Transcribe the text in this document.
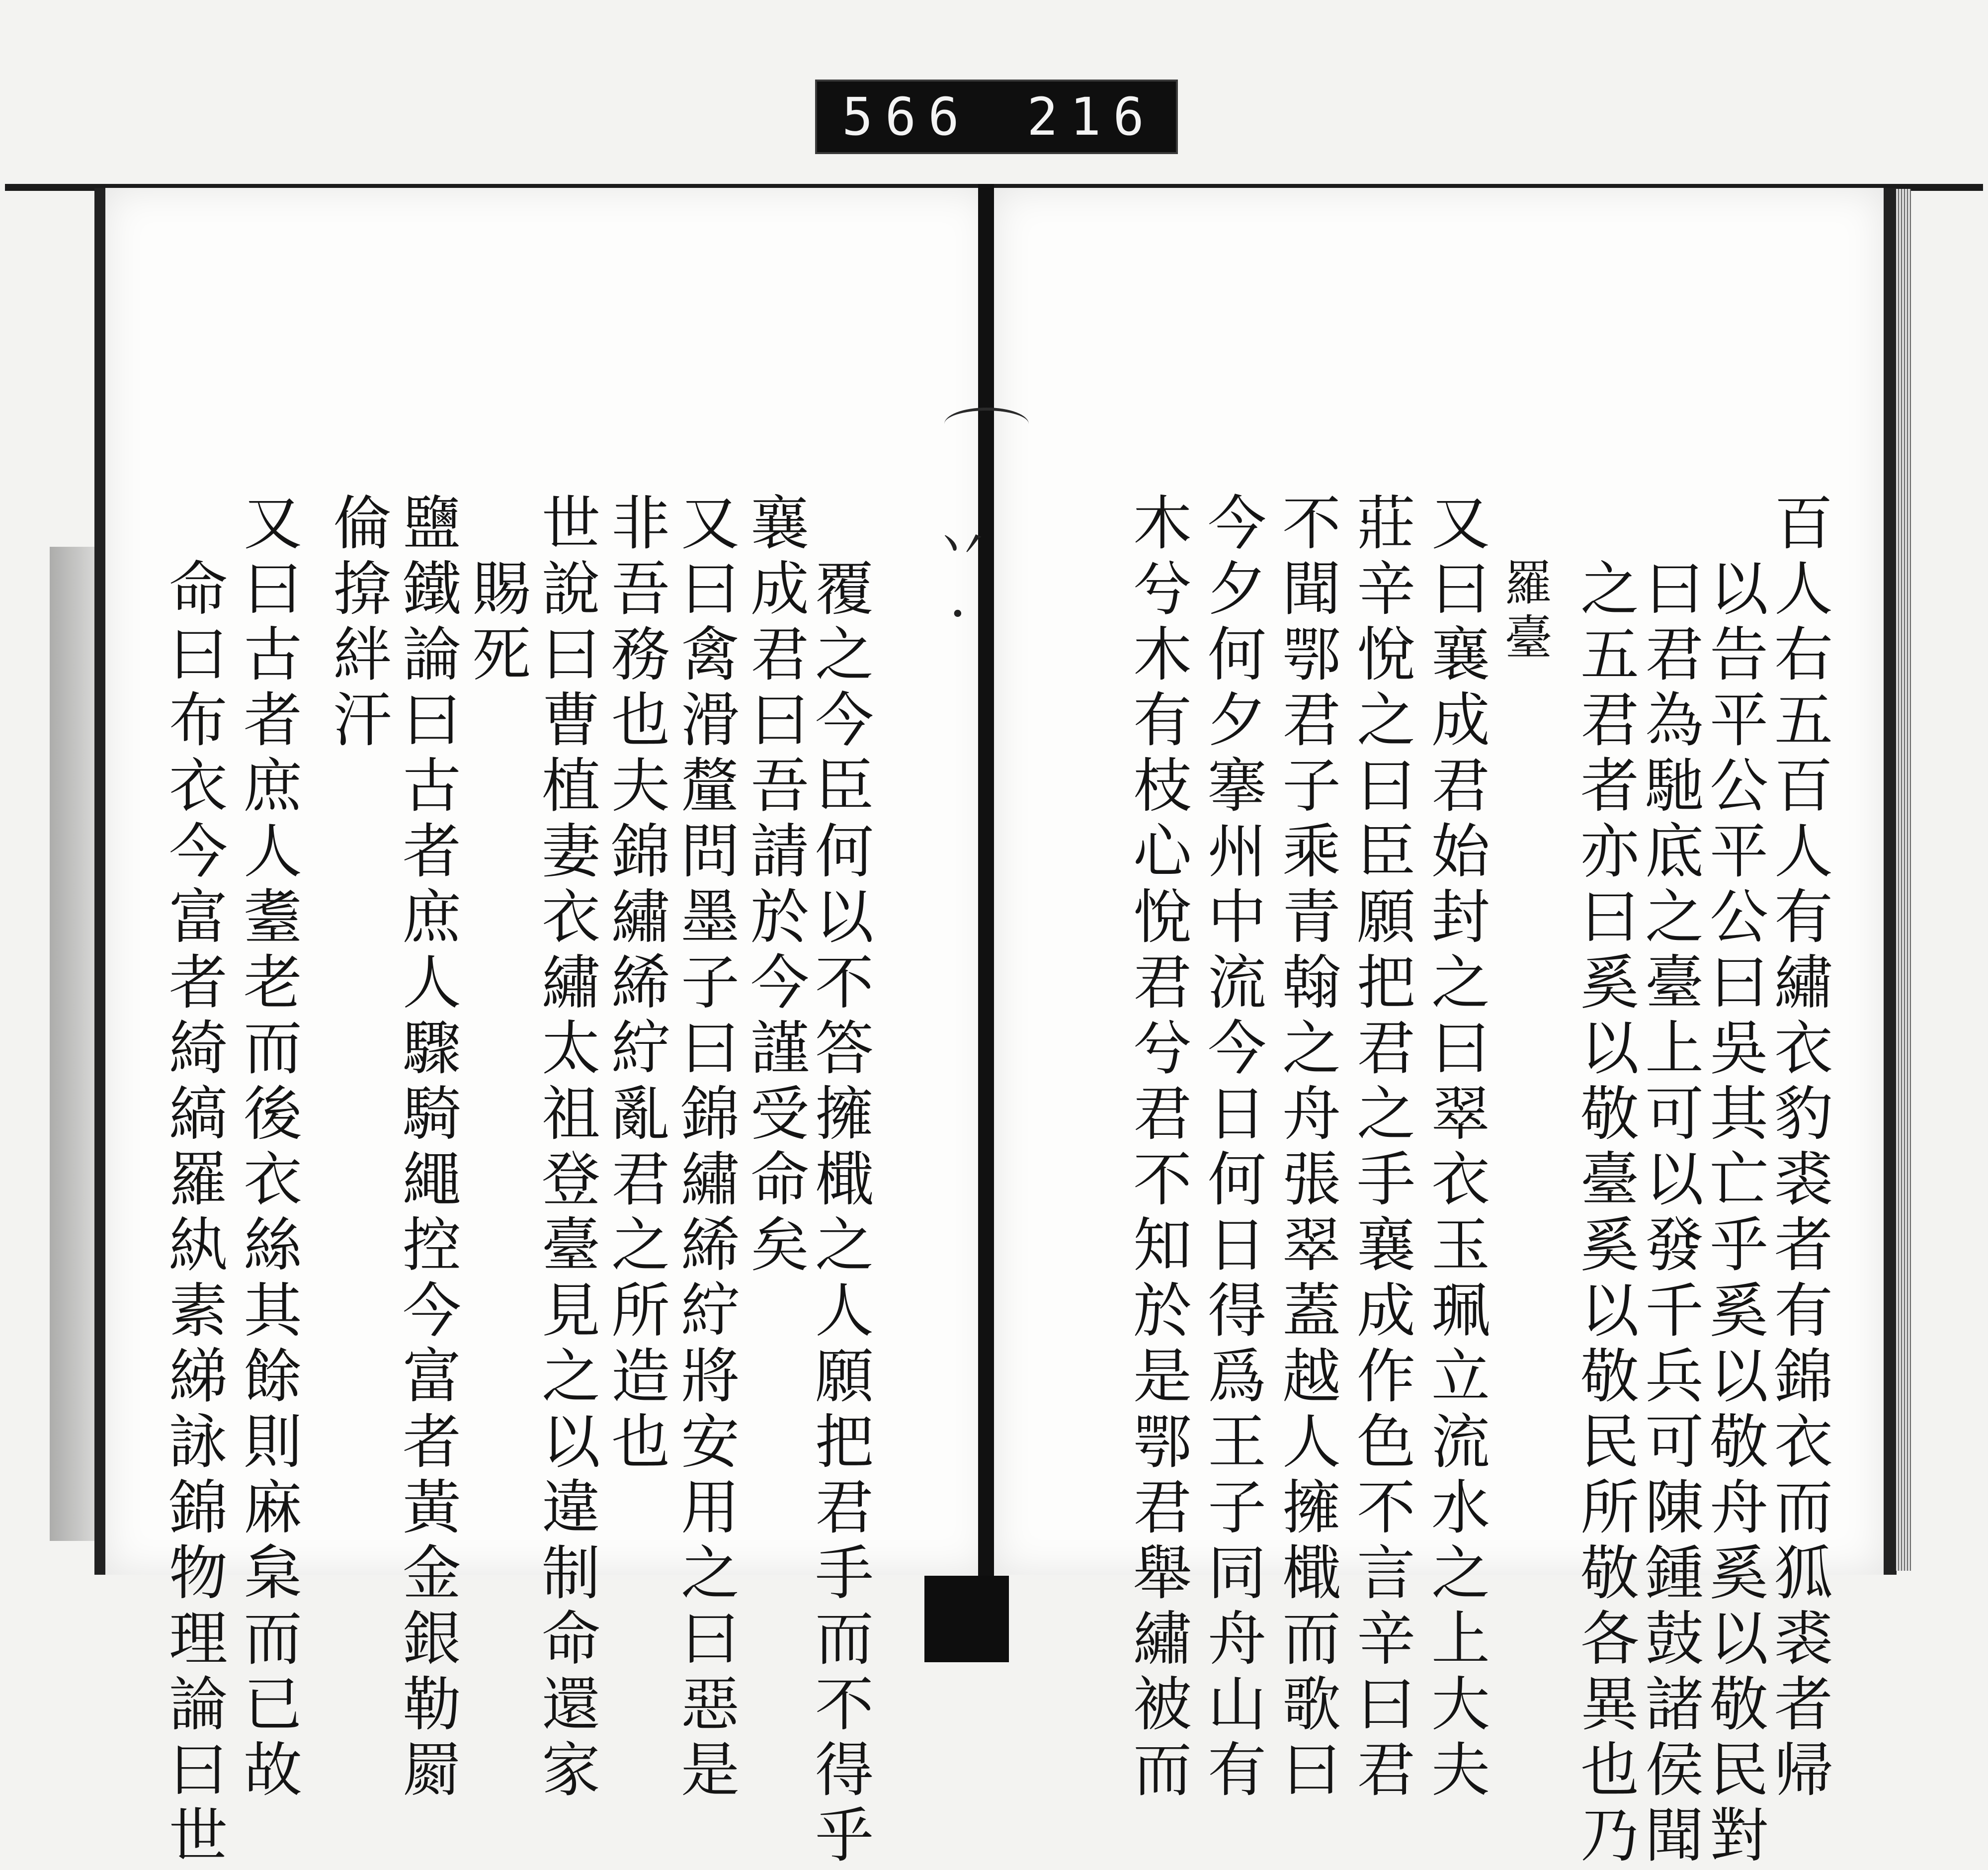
566 216
丷·	百人右五百人有繡衣豹裘者有錦衣而狐裘者帰
以告平公平公曰吳其亡乎奚以敬舟奚以敬民對
曰君為馳底之臺上可以發千兵可陳鍾鼓諸侯聞
之五君者亦曰奚以敬臺奚以敬民所敬各異也乃
羅臺
又曰襄成君始封之曰翠衣玉珮立流水之上大夫
莊辛悅之曰臣願把君之手襄成作色不言辛曰君
不聞鄂君子乘青翰之舟張翠蓋越人擁檝而歌曰
今夕何夕搴州中流今日何日得爲王子同舟山有
木兮木有枝心悅君兮君不知於是鄂君舉繡被而
覆之今臣何以不答擁檝之人願把君手而不得乎
襄成君曰吾請於今謹受命矣
又曰禽滑釐問墨子曰錦繡絺紵將安用之曰惡是
非吾務也夫錦繡絺紵亂君之所造也
世說曰曹植妻衣繡太祖登臺見之以違制命還家
賜死
鹽鐵論曰古者庶人驟騎繩控今富者黃金銀勒罽
倫揜絆汗
又曰古者庶人耋老而後衣絲其餘則麻枲而已故
命曰布衣今富者綺縞羅紈素綈詠錦物理論曰世
